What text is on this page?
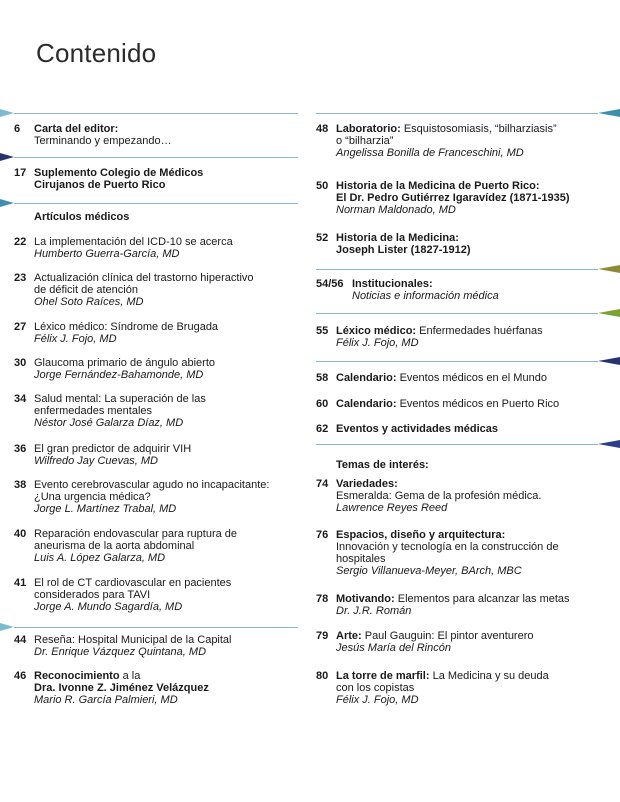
Contenido
6 Carta del editor:
Terminando y empezando…
17 Suplemento Colegio de Médicos
Cirujanos de Puerto Rico
Artículos médicos
22 La implementación del ICD-10 se acerca
Humberto Guerra-García, MD
23 Actualización clínica del trastorno hiperactivo
de déficit de atención
Ohel Soto Raíces, MD
27 Léxico médico: Síndrome de Brugada
Félix J. Fojo, MD
30 Glaucoma primario de ángulo abierto
Jorge Fernández-Bahamonde, MD
34 Salud mental: La superación de las
enfermedades mentales
Néstor José Galarza Díaz, MD
36 El gran predictor de adquirir VIH
Wilfredo Jay Cuevas, MD
38 Evento cerebrovascular agudo no incapacitante:
¿Una urgencia médica?
Jorge L. Martínez Trabal, MD
40 Reparación endovascular para ruptura de
aneurisma de la aorta abdominal
Luis A. López Galarza, MD
41 El rol de CT cardiovascular en pacientes
considerados para TAVI
Jorge A. Mundo Sagardía, MD
44 Reseña: Hospital Municipal de la Capital
Dr. Enrique Vázquez Quintana, MD
46 Reconocimiento a la
Dra. Ivonne Z. Jiménez Velázquez
Mario R. García Palmieri, MD
48 Laboratorio: Esquistosomiasis, “bilharziasis”
o “bilharzia”
Angelissa Bonilla de Franceschini, MD
50 Historia de la Medicina de Puerto Rico:
El Dr. Pedro Gutiérrez Igaravídez (1871-1935)
Norman Maldonado, MD
52 Historia de la Medicina:
Joseph Lister (1827-1912)
54/56 Institucionales:
Noticias e información médica
55 Léxico médico: Enfermedades huérfanas
Félix J. Fojo, MD
58 Calendario: Eventos médicos en el Mundo
60 Calendario: Eventos médicos en Puerto Rico
62 Eventos y actividades médicas
Temas de interés:
74 Variedades:
Esmeralda: Gema de la profesión médica.
Lawrence Reyes Reed
76 Espacios, diseño y arquitectura:
Innovación y tecnología en la construcción de
hospitales
Sergio Villanueva-Meyer, BArch, MBC
78 Motivando: Elementos para alcanzar las metas
Dr. J.R. Román
79 Arte: Paul Gauguin: El pintor aventurero
Jesús María del Rincón
80 La torre de marfil: La Medicina y su deuda
con los copistas
Félix J. Fojo, MD
